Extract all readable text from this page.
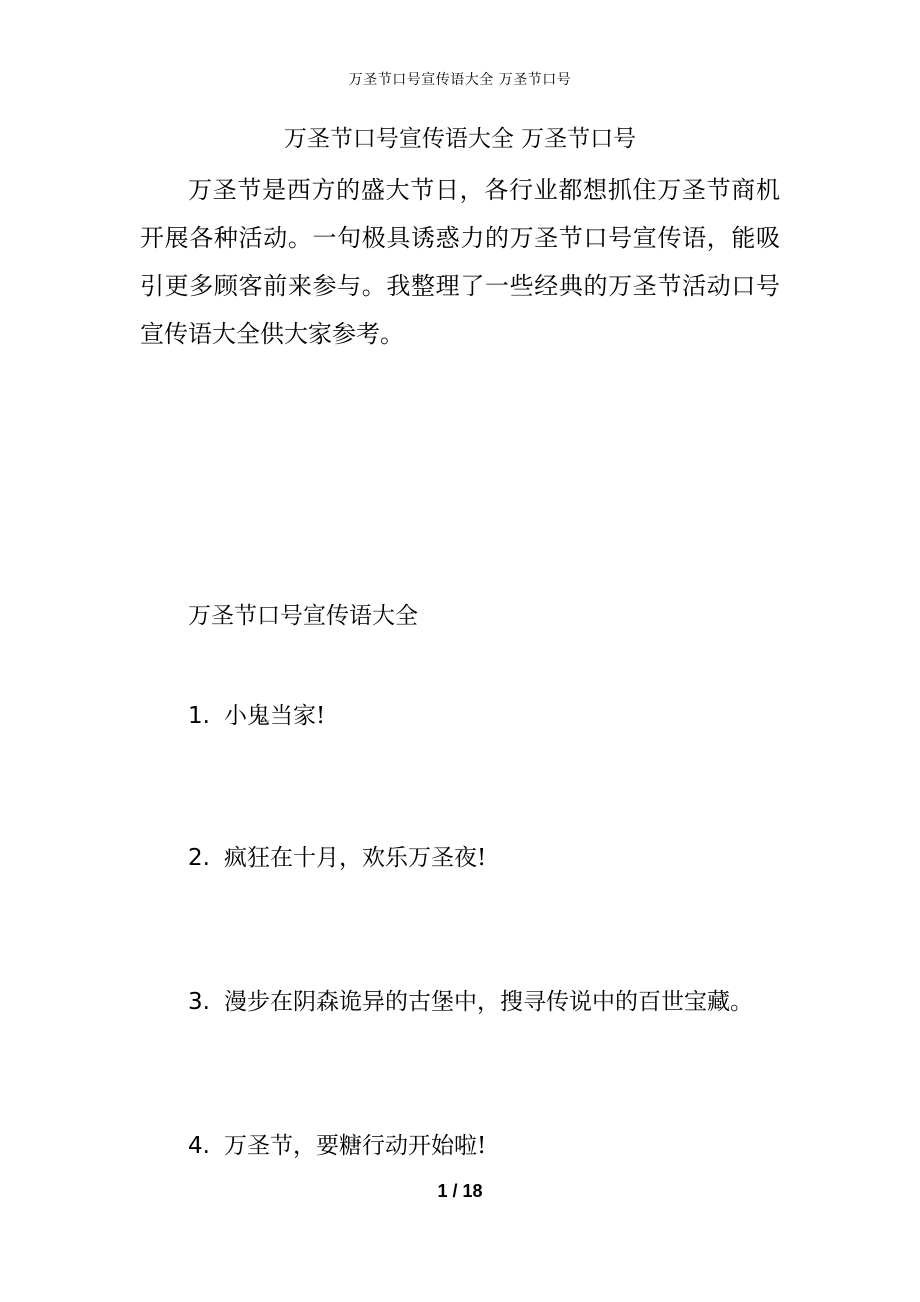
万圣节口号宣传语大全 万圣节口号
万圣节口号宣传语大全 万圣节口号

万圣节是西方的盛大节日，各行业都想抓住万圣节商机开展各种活动。一句极具诱惑力的万圣节口号宣传语，能吸引更多顾客前来参与。我整理了一些经典的万圣节活动口号宣传语大全供大家参考。

万圣节口号宣传语大全
1. 小鬼当家!
2. 疯狂在十月，欢乐万圣夜!
3. 漫步在阴森诡异的古堡中，搜寻传说中的百世宝藏。
4. 万圣节，要糖行动开始啦!
1 / 18
